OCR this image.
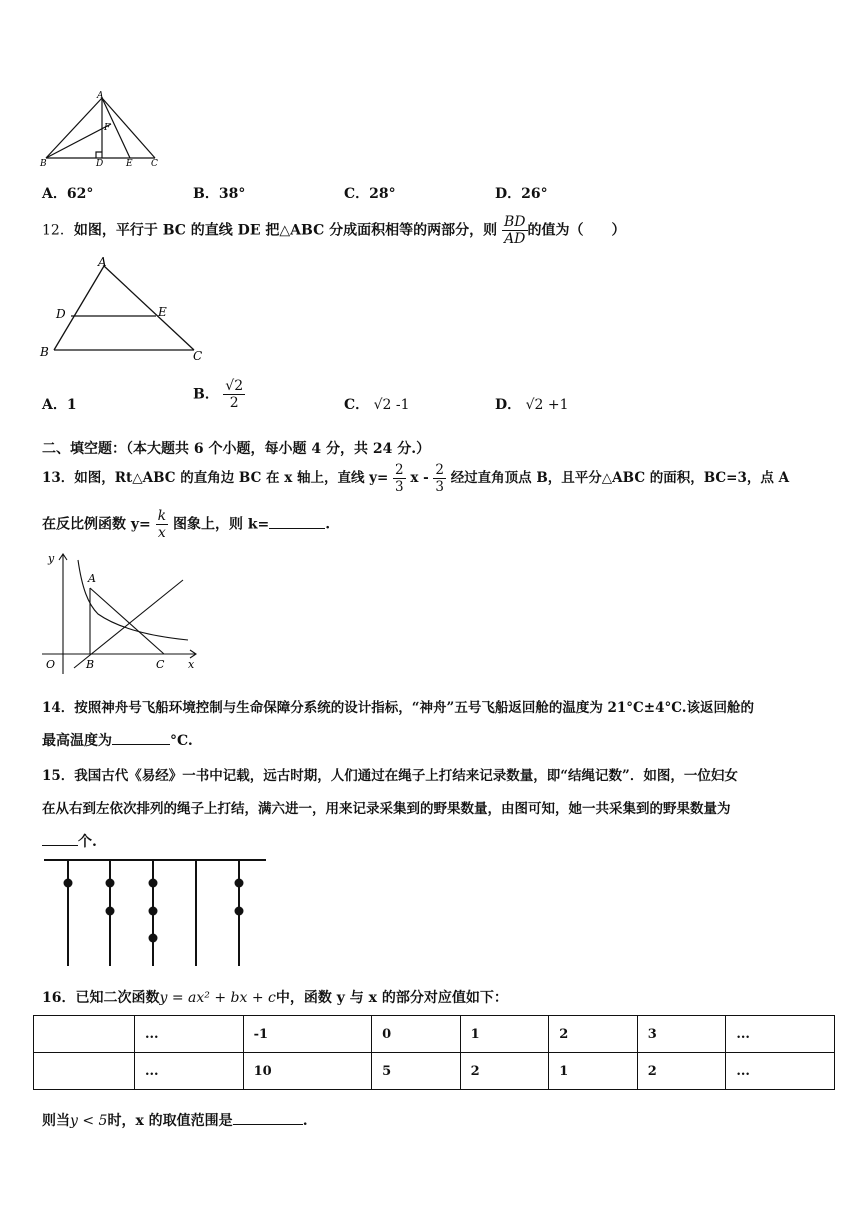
A
F
B	D	E C
A．62°	B．38°	C．28°	D．26°
12．如图，平行于 BC 的直线 DE 把△ABC 分成面积相等的两部分，则 $\frac{BD}{AD}$ 的值为（　　）
A
D	E
B	C
A．1
B． $\frac{√2}{2}$	C． √2 -1	D． √2 +1
二、填空题：（本大题共 6 个小题，每小题 4 分，共 24 分.）
13．如图，Rt△ABC 的直角边 BC 在 x 轴上，直线 $y= \frac{2}{3}$ x - $\frac{2}{3}$ 经过直角顶点 B，且平分△ABC 的面积，BC=3，点 A
在反比例函数 $y= \frac{k}{x}$ 图象上，则 k=	.
y
A
O	B	C x
14．按照神舟号飞船环境控制与生命保障分系统的设计指标，“神舟”五号飞船返回舱的温度为 21°C±4°C.该返回舱的
最高温度为	°C.
15．我国古代《易经》一书中记载，远古时期，人们通过在绳子上打结来记录数量，即“结绳记数”．如图，一位妇女
在从右到左依次排列的绳子上打结，满六进一，用来记录采集到的野果数量，由图可知，她一共采集到的野果数量为
个.
16．已知二次函数y = ax² + bx + c中，函数 y 与 x 的部分对应值如下：
	...	-1	0	1	2	3	...
	...	10	5	2	1	2	...
则当y < 5时，x 的取值范围是	.
